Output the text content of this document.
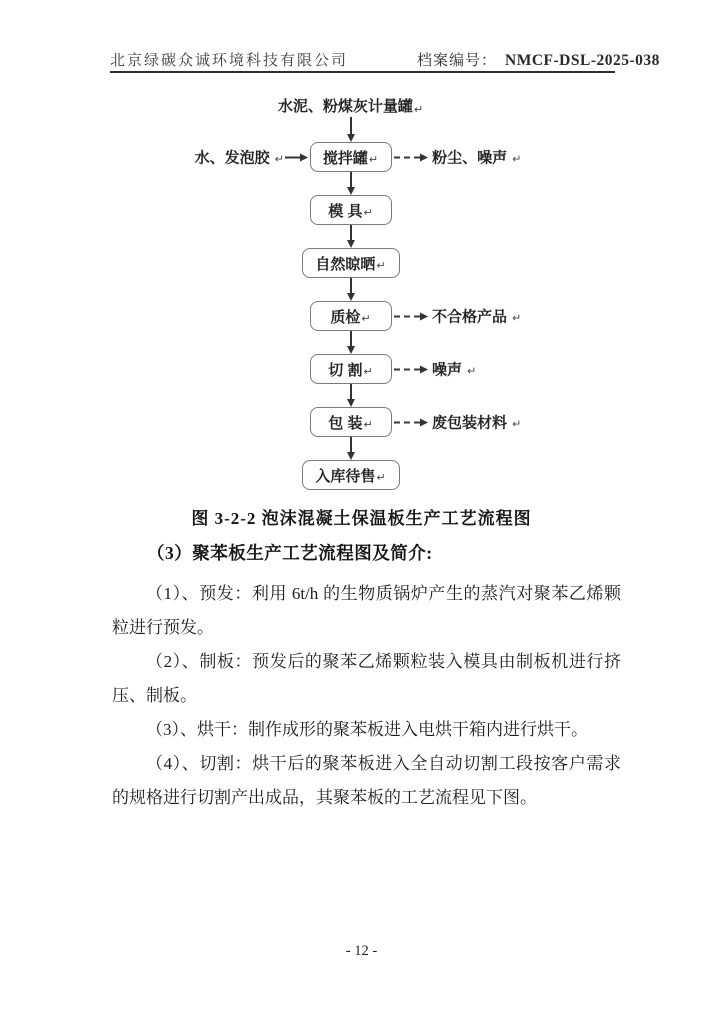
北京绿碳众诚环境科技有限公司	档案编号： NMCF-DSL-2025-038
水泥、粉煤灰计量罐↵
搅拌罐 ↵
水、发泡胶 ↵	粉尘、噪声 ↵
模 具 ↵
自然晾晒 ↵
质检 ↵	不合格产品 ↵
切 割 ↵	噪声 ↵
包 装 ↵	废包装材料 ↵
入库待售 ↵
图 3-2-2 泡沫混凝土保温板生产工艺流程图
（3）聚苯板生产工艺流程图及简介:

（1）、预发：利用 6t/h 的生物质锅炉产生的蒸汽对聚苯乙烯颗粒进行预发。

（2）、制板：预发后的聚苯乙烯颗粒装入模具由制板机进行挤压、制板。

（3）、烘干：制作成形的聚苯板进入电烘干箱内进行烘干。

（4）、切割：烘干后的聚苯板进入全自动切割工段按客户需求的规格进行切割产出成品，其聚苯板的工艺流程见下图。

- 12 -
